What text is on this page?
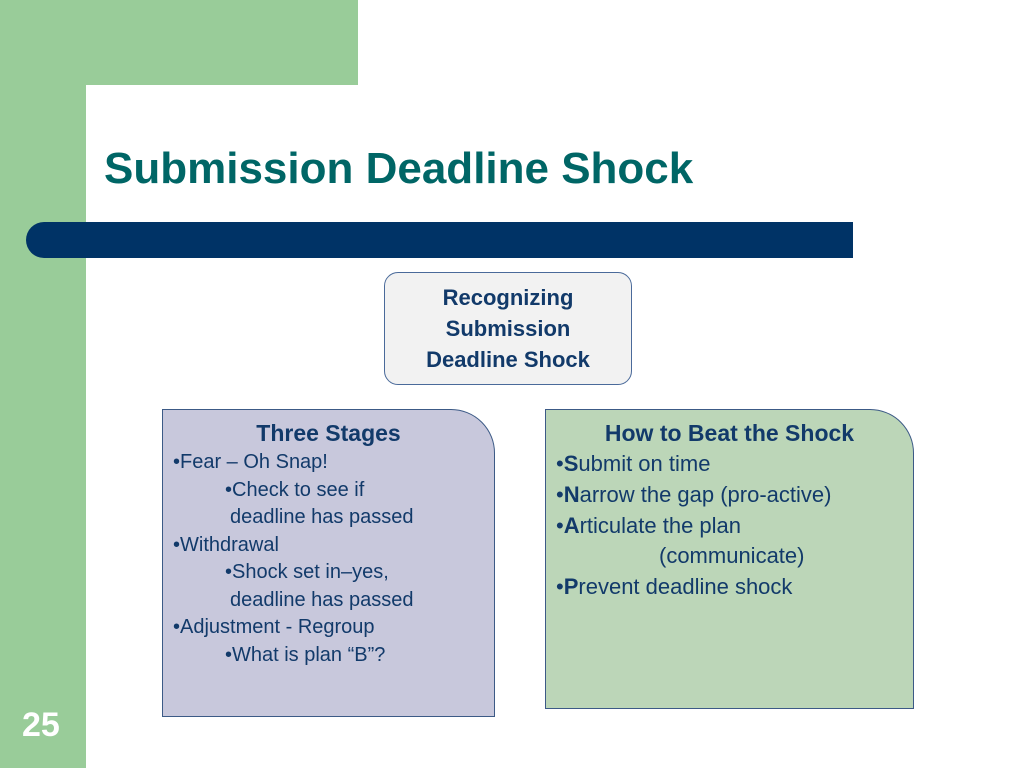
Submission Deadline Shock
Recognizing
Submission
Deadline Shock
Three Stages
•Fear – Oh Snap!
•Check to see if
deadline has passed
•Withdrawal
•Shock set in–yes,
deadline has passed
•Adjustment - Regroup
•What is plan “B”?
How to Beat the Shock
•Submit on time
•Narrow the gap (pro-active)
•Articulate the plan
(communicate)
•Prevent deadline shock
25
